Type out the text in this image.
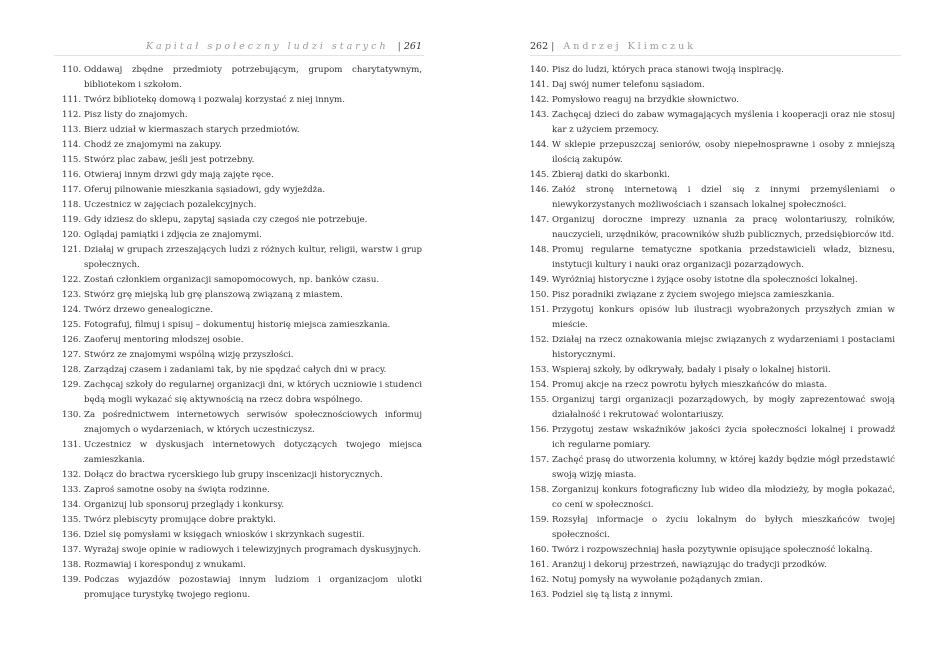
Kapitał społeczny ludzi starych | 261
110. Oddawaj zbędne przedmioty potrzebującym, grupom charytatywnym, bibliotekom i szkołom.
111. Twórz bibliotekę domową i pozwalaj korzystać z niej innym.
112. Pisz listy do znajomych.
113. Bierz udział w kiermaszach starych przedmiotów.
114. Chodź ze znajomymi na zakupy.
115. Stwórz plac zabaw, jeśli jest potrzebny.
116. Otwieraj innym drzwi gdy mają zajęte ręce.
117. Oferuj pilnowanie mieszkania sąsiadowi, gdy wyjeżdża.
118. Uczestnicz w zajęciach pozalekcyjnych.
119. Gdy idziesz do sklepu, zapytaj sąsiada czy czegoś nie potrzebuje.
120. Oglądaj pamiątki i zdjęcia ze znajomymi.
121. Działaj w grupach zrzeszających ludzi z różnych kultur, religii, warstw i grup społecznych.
122. Zostań członkiem organizacji samopomocowych, np. banków czasu.
123. Stwórz grę miejską lub grę planszową związaną z miastem.
124. Twórz drzewo genealogiczne.
125. Fotografuj, filmuj i spisuj – dokumentuj historię miejsca zamieszkania.
126. Zaoferuj mentoring młodszej osobie.
127. Stwórz ze znajomymi wspólną wizję przyszłości.
128. Zarządzaj czasem i zadaniami tak, by nie spędzać całych dni w pracy.
129. Zachęcaj szkoły do regularnej organizacji dni, w których uczniowie i studenci będą mogli wykazać się aktywnością na rzecz dobra wspólnego.
130. Za pośrednictwem internetowych serwisów społecznościowych informuj znajomych o wydarzeniach, w których uczestniczysz.
131. Uczestnicz w dyskusjach internetowych dotyczących twojego miejsca zamieszkania.
132. Dołącz do bractwa rycerskiego lub grupy inscenizacji historycznych.
133. Zaproś samotne osoby na święta rodzinne.
134. Organizuj lub sponsoruj przeglądy i konkursy.
135. Twórz plebiscyty promujące dobre praktyki.
136. Dziel się pomysłami w księgach wniosków i skrzynkach sugestii.
137. Wyrażaj swoje opinie w radiowych i telewizyjnych programach dyskusyjnych.
138. Rozmawiaj i koresponduj z wnukami.
139. Podczas wyjazdów pozostawiaj innym ludziom i organizacjom ulotki promujące turystykę twojego regionu.
262 | Andrzej Klimczuk
140. Pisz do ludzi, których praca stanowi twoją inspirację.
141. Daj swój numer telefonu sąsiadom.
142. Pomysłowo reaguj na brzydkie słownictwo.
143. Zachęcaj dzieci do zabaw wymagających myślenia i kooperacji oraz nie stosuj kar z użyciem przemocy.
144. W sklepie przepuszczaj seniorów, osoby niepełnosprawne i osoby z mniejszą ilością zakupów.
145. Zbieraj datki do skarbonki.
146. Załóż stronę internetową i dziel się z innymi przemyśleniami o niewykorzystanych możliwościach i szansach lokalnej społeczności.
147. Organizuj doroczne imprezy uznania za pracę wolontariuszy, rolników, nauczycieli, urzędników, pracowników służb publicznych, przedsiębiorców itd.
148. Promuj regularne tematyczne spotkania przedstawicieli władz, biznesu, instytucji kultury i nauki oraz organizacji pozarządowych.
149. Wyróżniaj historyczne i żyjące osoby istotne dla społeczności lokalnej.
150. Pisz poradniki związane z życiem swojego miejsca zamieszkania.
151. Przygotuj konkurs opisów lub ilustracji wyobrażonych przyszłych zmian w mieście.
152. Działaj na rzecz oznakowania miejsc związanych z wydarzeniami i postaciami historycznymi.
153. Wspieraj szkoły, by odkrywały, badały i pisały o lokalnej historii.
154. Promuj akcje na rzecz powrotu byłych mieszkańców do miasta.
155. Organizuj targi organizacji pozarządowych, by mogły zaprezentować swoją działalność i rekrutować wolontariuszy.
156. Przygotuj zestaw wskaźników jakości życia społeczności lokalnej i prowadź ich regularne pomiary.
157. Zachęć prasę do utworzenia kolumny, w której każdy będzie mógł przedstawić swoją wizję miasta.
158. Zorganizuj konkurs fotograficzny lub wideo dla młodzieży, by mogła pokazać, co ceni w społeczności.
159. Rozsyłaj informacje o życiu lokalnym do byłych mieszkańców twojej społeczności.
160. Twórz i rozpowszechniaj hasła pozytywnie opisujące społeczność lokalną.
161. Aranżuj i dekoruj przestrzeń, nawiązując do tradycji przodków.
162. Notuj pomysły na wywołanie pożądanych zmian.
163. Podziel się tą listą z innymi.
